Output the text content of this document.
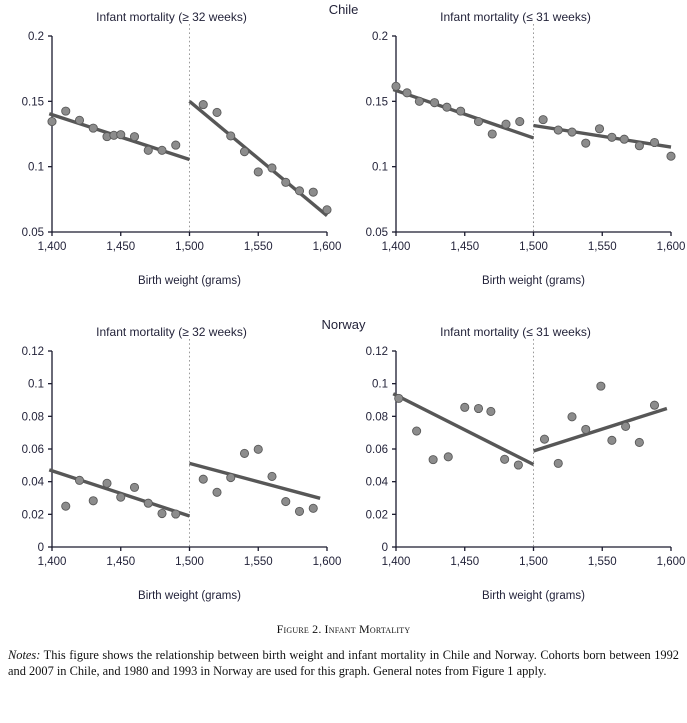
Chile
Infant mortality (≥ 32 weeks)
0.05
0.1
0.15
0.2
1,400	1,450	1,500	1,550	1,600
Birth weight (grams)
Infant mortality (≤ 31 weeks)
0.05
0.1
0.15
0.2
1,400	1,450	1,500	1,550	1,600
Birth weight (grams)
Norway
Infant mortality (≥ 32 weeks)
0
0.02
0.04
0.06
0.08
0.1
0.12
1,400	1,450	1,500	1,550	1,600
Birth weight (grams)
Infant mortality (≤ 31 weeks)
0
0.02
0.04
0.06
0.08
0.1
0.12
1,400	1,450	1,500	1,550	1,600
Birth weight (grams)
Figure 2. Infant Mortality
Notes: This figure shows the relationship between birth weight and infant mortality in Chile and Norway. Cohorts born between 1992 and 2007 in Chile, and 1980 and 1993 in Norway are used for this graph. General notes from Figure 1 apply.
